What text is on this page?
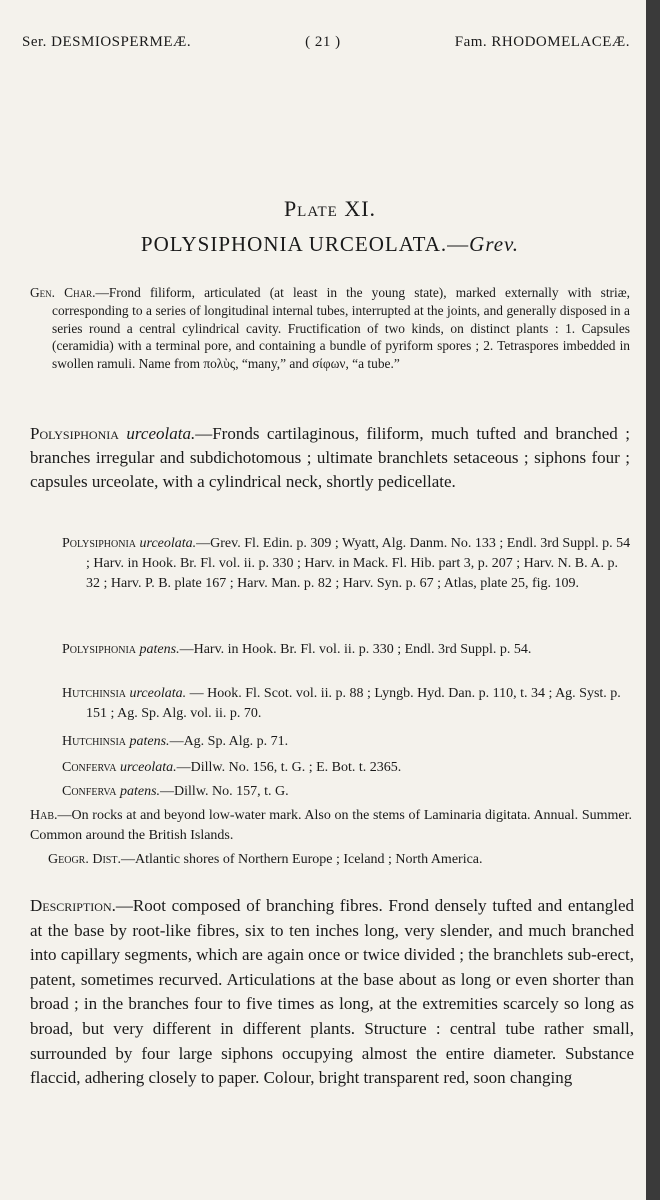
Ser. DESMIOSPERMEÆ.	( 21 )	Fam. RHODOMELACEÆ.
Plate XI.
POLYSIPHONIA URCEOLATA.—Grev.
Gen. Char.—Frond filiform, articulated (at least in the young state), marked externally with striæ, corresponding to a series of longitudinal internal tubes, interrupted at the joints, and generally disposed in a series round a central cylindrical cavity. Fructification of two kinds, on distinct plants : 1. Capsules (ceramidia) with a terminal pore, and containing a bundle of pyriform spores ; 2. Tetraspores imbedded in swollen ramuli. Name from πολὺς, “many,” and σίφων, “a tube.”
Polysiphonia urceolata.—Fronds cartilaginous, filiform, much tufted and branched ; branches irregular and subdichotomous ; ultimate branchlets setaceous ; siphons four ; capsules urceolate, with a cylindrical neck, shortly pedicellate.
Polysiphonia urceolata.—Grev. Fl. Edin. p. 309 ; Wyatt, Alg. Danm. No. 133 ; Endl. 3rd Suppl. p. 54 ; Harv. in Hook. Br. Fl. vol. ii. p. 330 ; Harv. in Mack. Fl. Hib. part 3, p. 207 ; Harv. N. B. A. p. 32 ; Harv. P. B. plate 167 ; Harv. Man. p. 82 ; Harv. Syn. p. 67 ; Atlas, plate 25, fig. 109.
Polysiphonia patens.—Harv. in Hook. Br. Fl. vol. ii. p. 330 ; Endl. 3rd Suppl. p. 54.
Hutchinsia urceolata. — Hook. Fl. Scot. vol. ii. p. 88 ; Lyngb. Hyd. Dan. p. 110, t. 34 ; Ag. Syst. p. 151 ; Ag. Sp. Alg. vol. ii. p. 70.
Hutchinsia patens.—Ag. Sp. Alg. p. 71.
Conferva urceolata.—Dillw. No. 156, t. G. ; E. Bot. t. 2365.
Conferva patens.—Dillw. No. 157, t. G.
Hab.—On rocks at and beyond low-water mark. Also on the stems of Laminaria digitata. Annual. Summer. Common around the British Islands.
Geogr. Dist.—Atlantic shores of Northern Europe ; Iceland ; North America.
Description.—Root composed of branching fibres. Frond densely tufted and entangled at the base by root-like fibres, six to ten inches long, very slender, and much branched into capillary segments, which are again once or twice divided ; the branchlets sub-erect, patent, sometimes recurved. Articulations at the base about as long or even shorter than broad ; in the branches four to five times as long, at the extremities scarcely so long as broad, but very different in different plants. Structure : central tube rather small, surrounded by four large siphons occupying almost the entire diameter. Substance flaccid, adhering closely to paper. Colour, bright transparent red, soon changing
